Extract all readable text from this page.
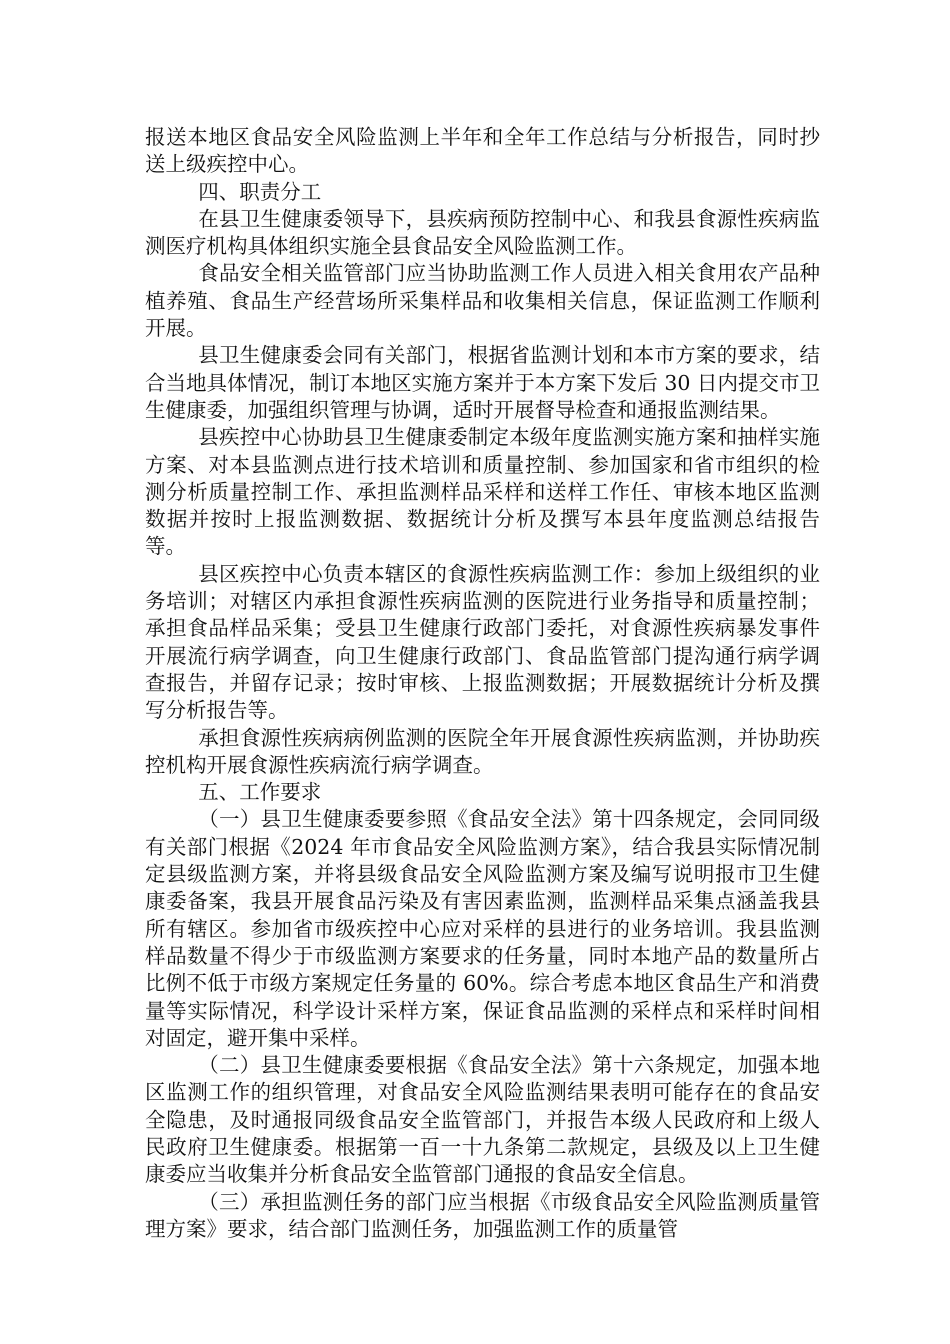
报送本地区食品安全风险监测上半年和全年工作总结与分析报告，同时抄送上级疾控中心。

四、职责分工

在县卫生健康委领导下，县疾病预防控制中心、和我县食源性疾病监测医疗机构具体组织实施全县食品安全风险监测工作。

食品安全相关监管部门应当协助监测工作人员进入相关食用农产品种植养殖、食品生产经营场所采集样品和收集相关信息，保证监测工作顺利开展。

县卫生健康委会同有关部门，根据省监测计划和本市方案的要求，结合当地具体情况，制订本地区实施方案并于本方案下发后 30 日内提交市卫生健康委，加强组织管理与协调，适时开展督导检查和通报监测结果。

县疾控中心协助县卫生健康委制定本级年度监测实施方案和抽样实施方案、对本县监测点进行技术培训和质量控制、参加国家和省市组织的检测分析质量控制工作、承担监测样品采样和送样工作任、审核本地区监测数据并按时上报监测数据、数据统计分析及撰写本县年度监测总结报告等。

县区疾控中心负责本辖区的食源性疾病监测工作：参加上级组织的业务培训；对辖区内承担食源性疾病监测的医院进行业务指导和质量控制；承担食品样品采集；受县卫生健康行政部门委托，对食源性疾病暴发事件开展流行病学调查，向卫生健康行政部门、食品监管部门提沟通行病学调查报告，并留存记录；按时审核、上报监测数据；开展数据统计分析及撰写分析报告等。

承担食源性疾病病例监测的医院全年开展食源性疾病监测，并协助疾控机构开展食源性疾病流行病学调查。

五、工作要求

（一）县卫生健康委要参照《食品安全法》第十四条规定，会同同级有关部门根据《2024 年市食品安全风险监测方案》，结合我县实际情况制定县级监测方案，并将县级食品安全风险监测方案及编写说明报市卫生健康委备案，我县开展食品污染及有害因素监测，监测样品采集点涵盖我县所有辖区。参加省市级疾控中心应对采样的县进行的业务培训。我县监测样品数量不得少于市级监测方案要求的任务量，同时本地产品的数量所占比例不低于市级方案规定任务量的 60%。综合考虑本地区食品生产和消费量等实际情况，科学设计采样方案，保证食品监测的采样点和采样时间相对固定，避开集中采样。

（二）县卫生健康委要根据《食品安全法》第十六条规定，加强本地区监测工作的组织管理，对食品安全风险监测结果表明可能存在的食品安全隐患，及时通报同级食品安全监管部门，并报告本级人民政府和上级人民政府卫生健康委。根据第一百一十九条第二款规定，县级及以上卫生健康委应当收集并分析食品安全监管部门通报的食品安全信息。

（三）承担监测任务的部门应当根据《市级食品安全风险监测质量管理方案》要求，结合部门监测任务，加强监测工作的质量管
